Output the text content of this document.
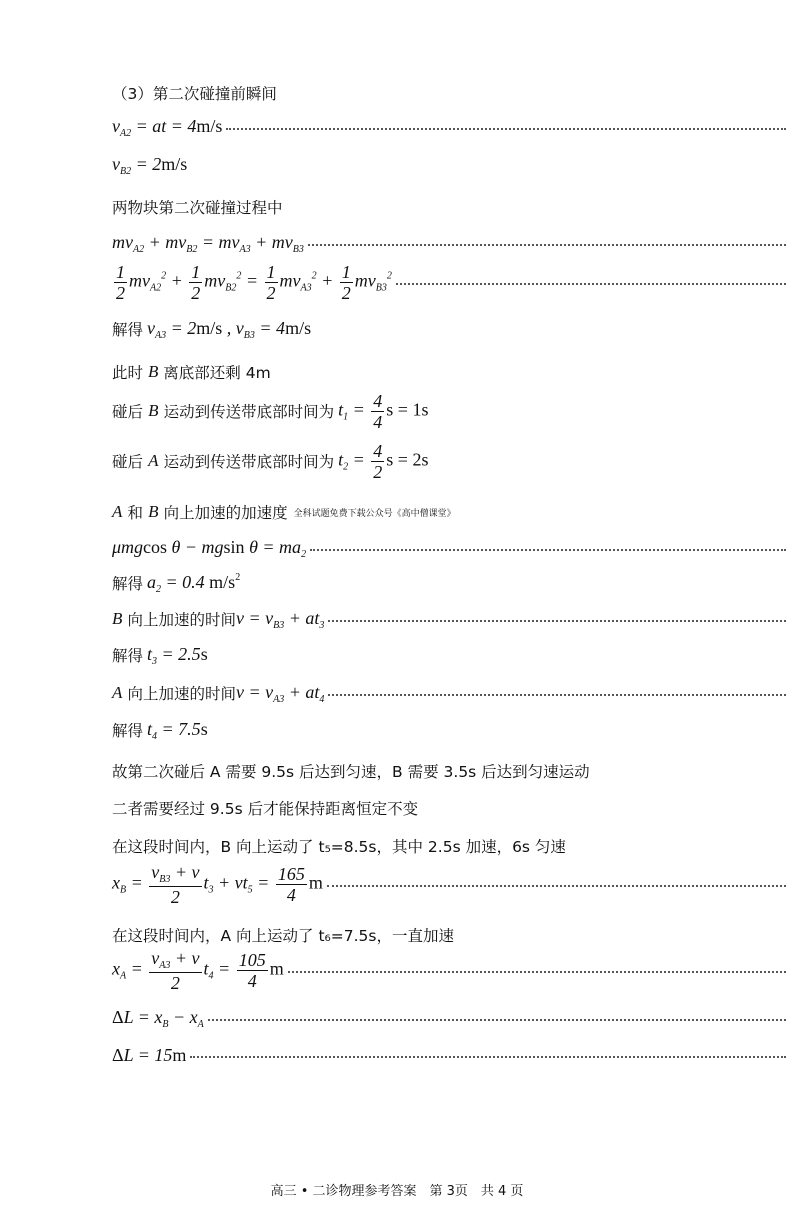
（3）第二次碰撞前瞬间
$v_{A2}$ = at = 4m/s
$v_{B2} = 2m/s$
两物块第二次碰撞过程中
$mv_{A2} + mv_{B2} = mv_{A3} + mv_{B3}$
$\frac{1}{2} mv_{A2}^2 + \frac{1}{2} mv_{B2}^2 = \frac{1}{2} mv_{A3}^2 + \frac{1}{2} mv_{B3}^2$
解得 $v_{A3} = 2m/s$ , $v_{B3} = 4m/s$
此时
B
离底部还剩 4m
碰后
B
运动到传送带底部时间为 $t_1 = \frac{4}{4}$ s = 1s
碰后
A
运动到传送带底部时间为 $t_2 = \frac{4}{2}$ s = 2s
A
和
B
向上加速的加速度 全科试题免费下载公众号《高中僧课堂》
μmgcos θ − mgsin $\theta = ma_2$
解得 $a_2 = 0.4$ $m/s^2$
B
向上加速的时间 $v = v_{B3} + at_3$
解得 $t_3 = 2.5s$
A
向上加速的时间 $v = v_{A3} + at_4$
解得 $t_4 = 7.5s$
故第二次碰后 A 需要 9.5s 后达到匀速，B 需要 3.5s 后达到匀速运动
二者需要经过 9.5s 后才能保持距离恒定不变
在这段时间内，B 向上运动了 t₅=8.5s，其中 2.5s 加速，6s 匀速
$x_B = \frac{v_{B3} + v}{2} t_3 + vt_5 = \frac{165}{4}$ m
在这段时间内，A 向上运动了 t₆=7.5s，一直加速
$x_A = \frac{v_{A3} + v}{2} t_4 = \frac{105}{4}$ m
$\Delta L = x_B - x_A$
ΔL = 15m
高三 • 二诊物理参考答案　第 3页　共 4 页
